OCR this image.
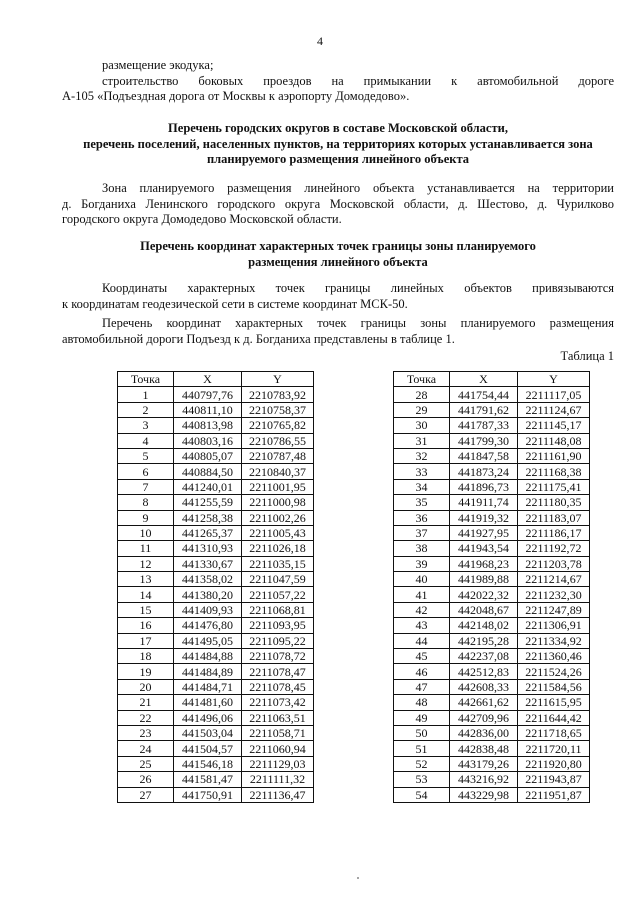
4
размещение экодука;
строительство боковых проездов на примыкании к автомобильной дороге
А-105 «Подъездная дорога от Москвы к аэропорту Домодедово».
Перечень городских округов в составе Московской области,
перечень поселений, населенных пунктов, на территориях которых устанавливается зона
планируемого размещения линейного объекта
Зона планируемого размещения линейного объекта устанавливается на территории
д. Богданиха Ленинского городского округа Московской области, д. Шестово, д. Чурилково
городского округа Домодедово Московской области.
Перечень координат характерных точек границы зоны планируемого
размещения линейного объекта
Координаты характерных точек границы линейных объектов привязываются
к координатам геодезической сети в системе координат МСК-50.
Перечень координат характерных точек границы зоны планируемого размещения
автомобильной дороги Подъезд к д. Богданиха представлены в таблице 1.
Таблица 1
Точка	X	Y
1	440797,76	2210783,92
2	440811,10	2210758,37
3	440813,98	2210765,82
4	440803,16	2210786,55
5	440805,07	2210787,48
6	440884,50	2210840,37
7	441240,01	2211001,95
8	441255,59	2211000,98
9	441258,38	2211002,26
10	441265,37	2211005,43
11	441310,93	2211026,18
12	441330,67	2211035,15
13	441358,02	2211047,59
14	441380,20	2211057,22
15	441409,93	2211068,81
16	441476,80	2211093,95
17	441495,05	2211095,22
18	441484,88	2211078,72
19	441484,89	2211078,47
20	441484,71	2211078,45
21	441481,60	2211073,42
22	441496,06	2211063,51
23	441503,04	2211058,71
24	441504,57	2211060,94
25	441546,18	2211129,03
26	441581,47	2211111,32
27	441750,91	2211136,47
Точка	X	Y
28	441754,44	2211117,05
29	441791,62	2211124,67
30	441787,33	2211145,17
31	441799,30	2211148,08
32	441847,58	2211161,90
33	441873,24	2211168,38
34	441896,73	2211175,41
35	441911,74	2211180,35
36	441919,32	2211183,07
37	441927,95	2211186,17
38	441943,54	2211192,72
39	441968,23	2211203,78
40	441989,88	2211214,67
41	442022,32	2211232,30
42	442048,67	2211247,89
43	442148,02	2211306,91
44	442195,28	2211334,92
45	442237,08	2211360,46
46	442512,83	2211524,26
47	442608,33	2211584,56
48	442661,62	2211615,95
49	442709,96	2211644,42
50	442836,00	2211718,65
51	442838,48	2211720,11
52	443179,26	2211920,80
53	443216,92	2211943,87
54	443229,98	2211951,87
